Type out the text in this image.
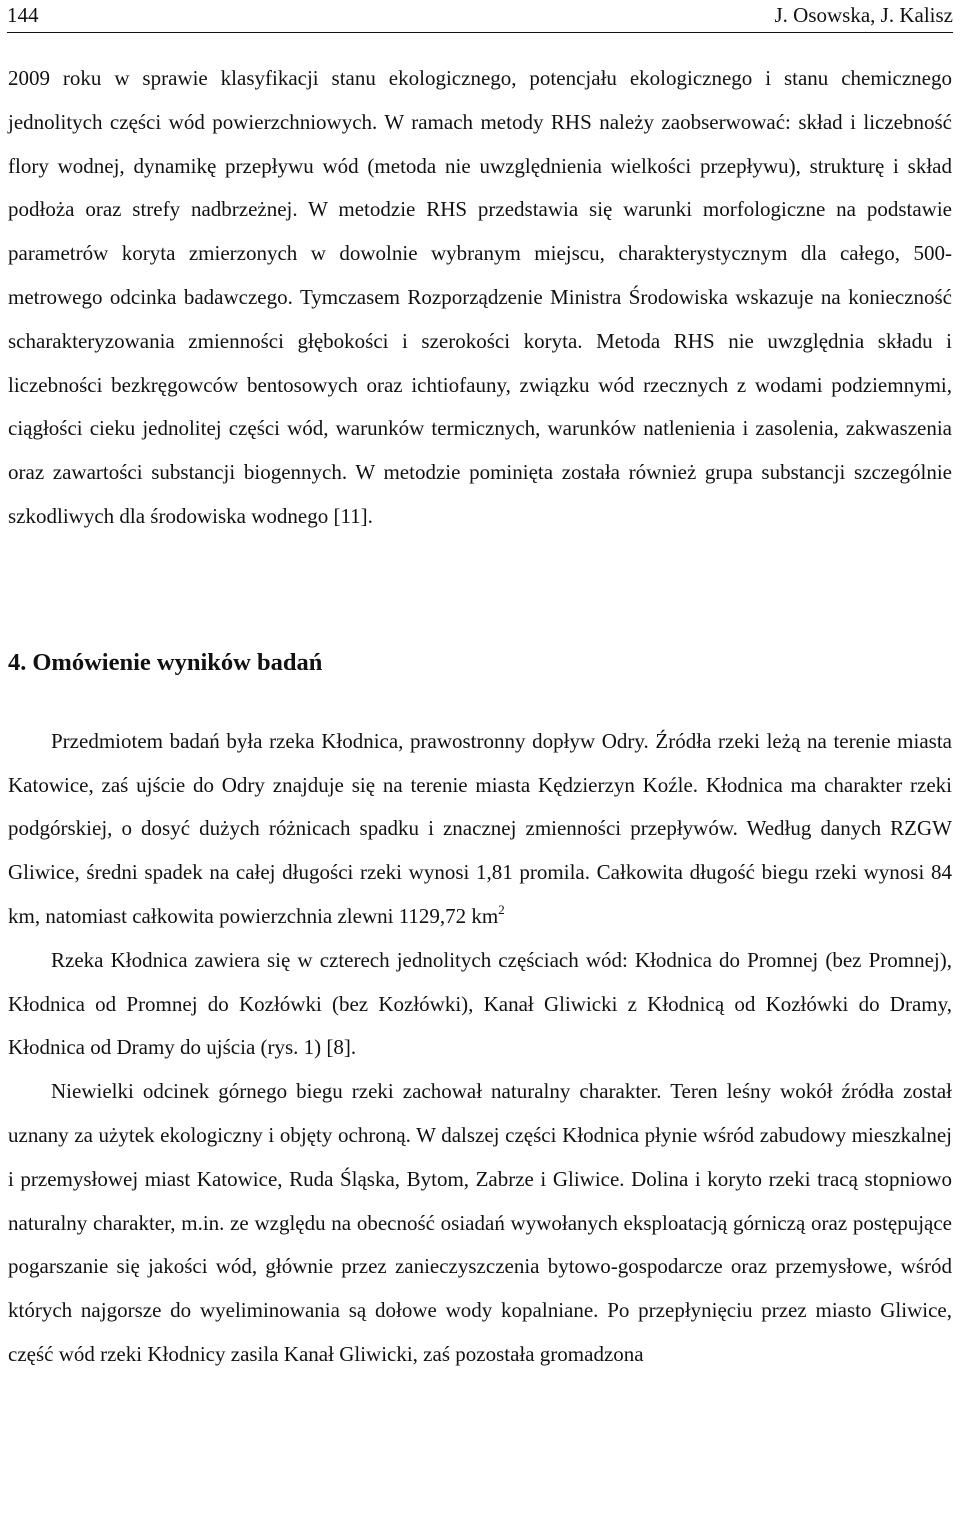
144	J. Osowska, J. Kalisz

2009 roku w sprawie klasyfikacji stanu ekologicznego, potencjału ekologicznego i stanu chemicznego jednolitych części wód powierzchniowych. W ramach metody RHS należy zaobserwować: skład i liczebność flory wodnej, dynamikę przepływu wód (metoda nie uwzględnienia wielkości przepływu), strukturę i skład podłoża oraz strefy nadbrzeżnej. W metodzie RHS przedstawia się warunki morfologiczne na podstawie parametrów koryta zmierzonych w dowolnie wybranym miejscu, charakterystycznym dla całego, 500-metrowego odcinka badawczego. Tymczasem Rozporządzenie Ministra Środowiska wskazuje na konieczność scharakteryzowania zmienności głębokości i szerokości koryta. Metoda RHS nie uwzględnia składu i liczebności bezkręgowców bentosowych oraz ichtiofauny, związku wód rzecznych z wodami podziemnymi, ciągłości cieku jednolitej części wód, warunków termicznych, warunków natlenienia i zasolenia, zakwaszenia oraz zawartości substancji biogennych. W metodzie pominięta została również grupa substancji szczególnie szkodliwych dla środowiska wodnego [11].

4. Omówienie wyników badań

Przedmiotem badań była rzeka Kłodnica, prawostronny dopływ Odry. Źródła rzeki leżą na terenie miasta Katowice, zaś ujście do Odry znajduje się na terenie miasta Kędzierzyn Koźle. Kłodnica ma charakter rzeki podgórskiej, o dosyć dużych różnicach spadku i znacznej zmienności przepływów. Według danych RZGW Gliwice, średni spadek na całej długości rzeki wynosi 1,81 promila. Całkowita długość biegu rzeki wynosi 84 km, natomiast całkowita powierzchnia zlewni 1129,72 $km^2$

Rzeka Kłodnica zawiera się w czterech jednolitych częściach wód: Kłodnica do Promnej (bez Promnej), Kłodnica od Promnej do Kozłówki (bez Kozłówki), Kanał Gliwicki z Kłodnicą od Kozłówki do Dramy, Kłodnica od Dramy do ujścia (rys. 1) [8].

Niewielki odcinek górnego biegu rzeki zachował naturalny charakter. Teren leśny wokół źródła został uznany za użytek ekologiczny i objęty ochroną. W dalszej części Kłodnica płynie wśród zabudowy mieszkalnej i przemysłowej miast Katowice, Ruda Śląska, Bytom, Zabrze i Gliwice. Dolina i koryto rzeki tracą stopniowo naturalny charakter, m.in. ze względu na obecność osiadań wywołanych eksploatacją górniczą oraz postępujące pogarszanie się jakości wód, głównie przez zanieczyszczenia bytowo-gospodarcze oraz przemysłowe, wśród których najgorsze do wyeliminowania są dołowe wody kopalniane. Po przepłynięciu przez miasto Gliwice, część wód rzeki Kłodnicy zasila Kanał Gliwicki, zaś pozostała gromadzona
